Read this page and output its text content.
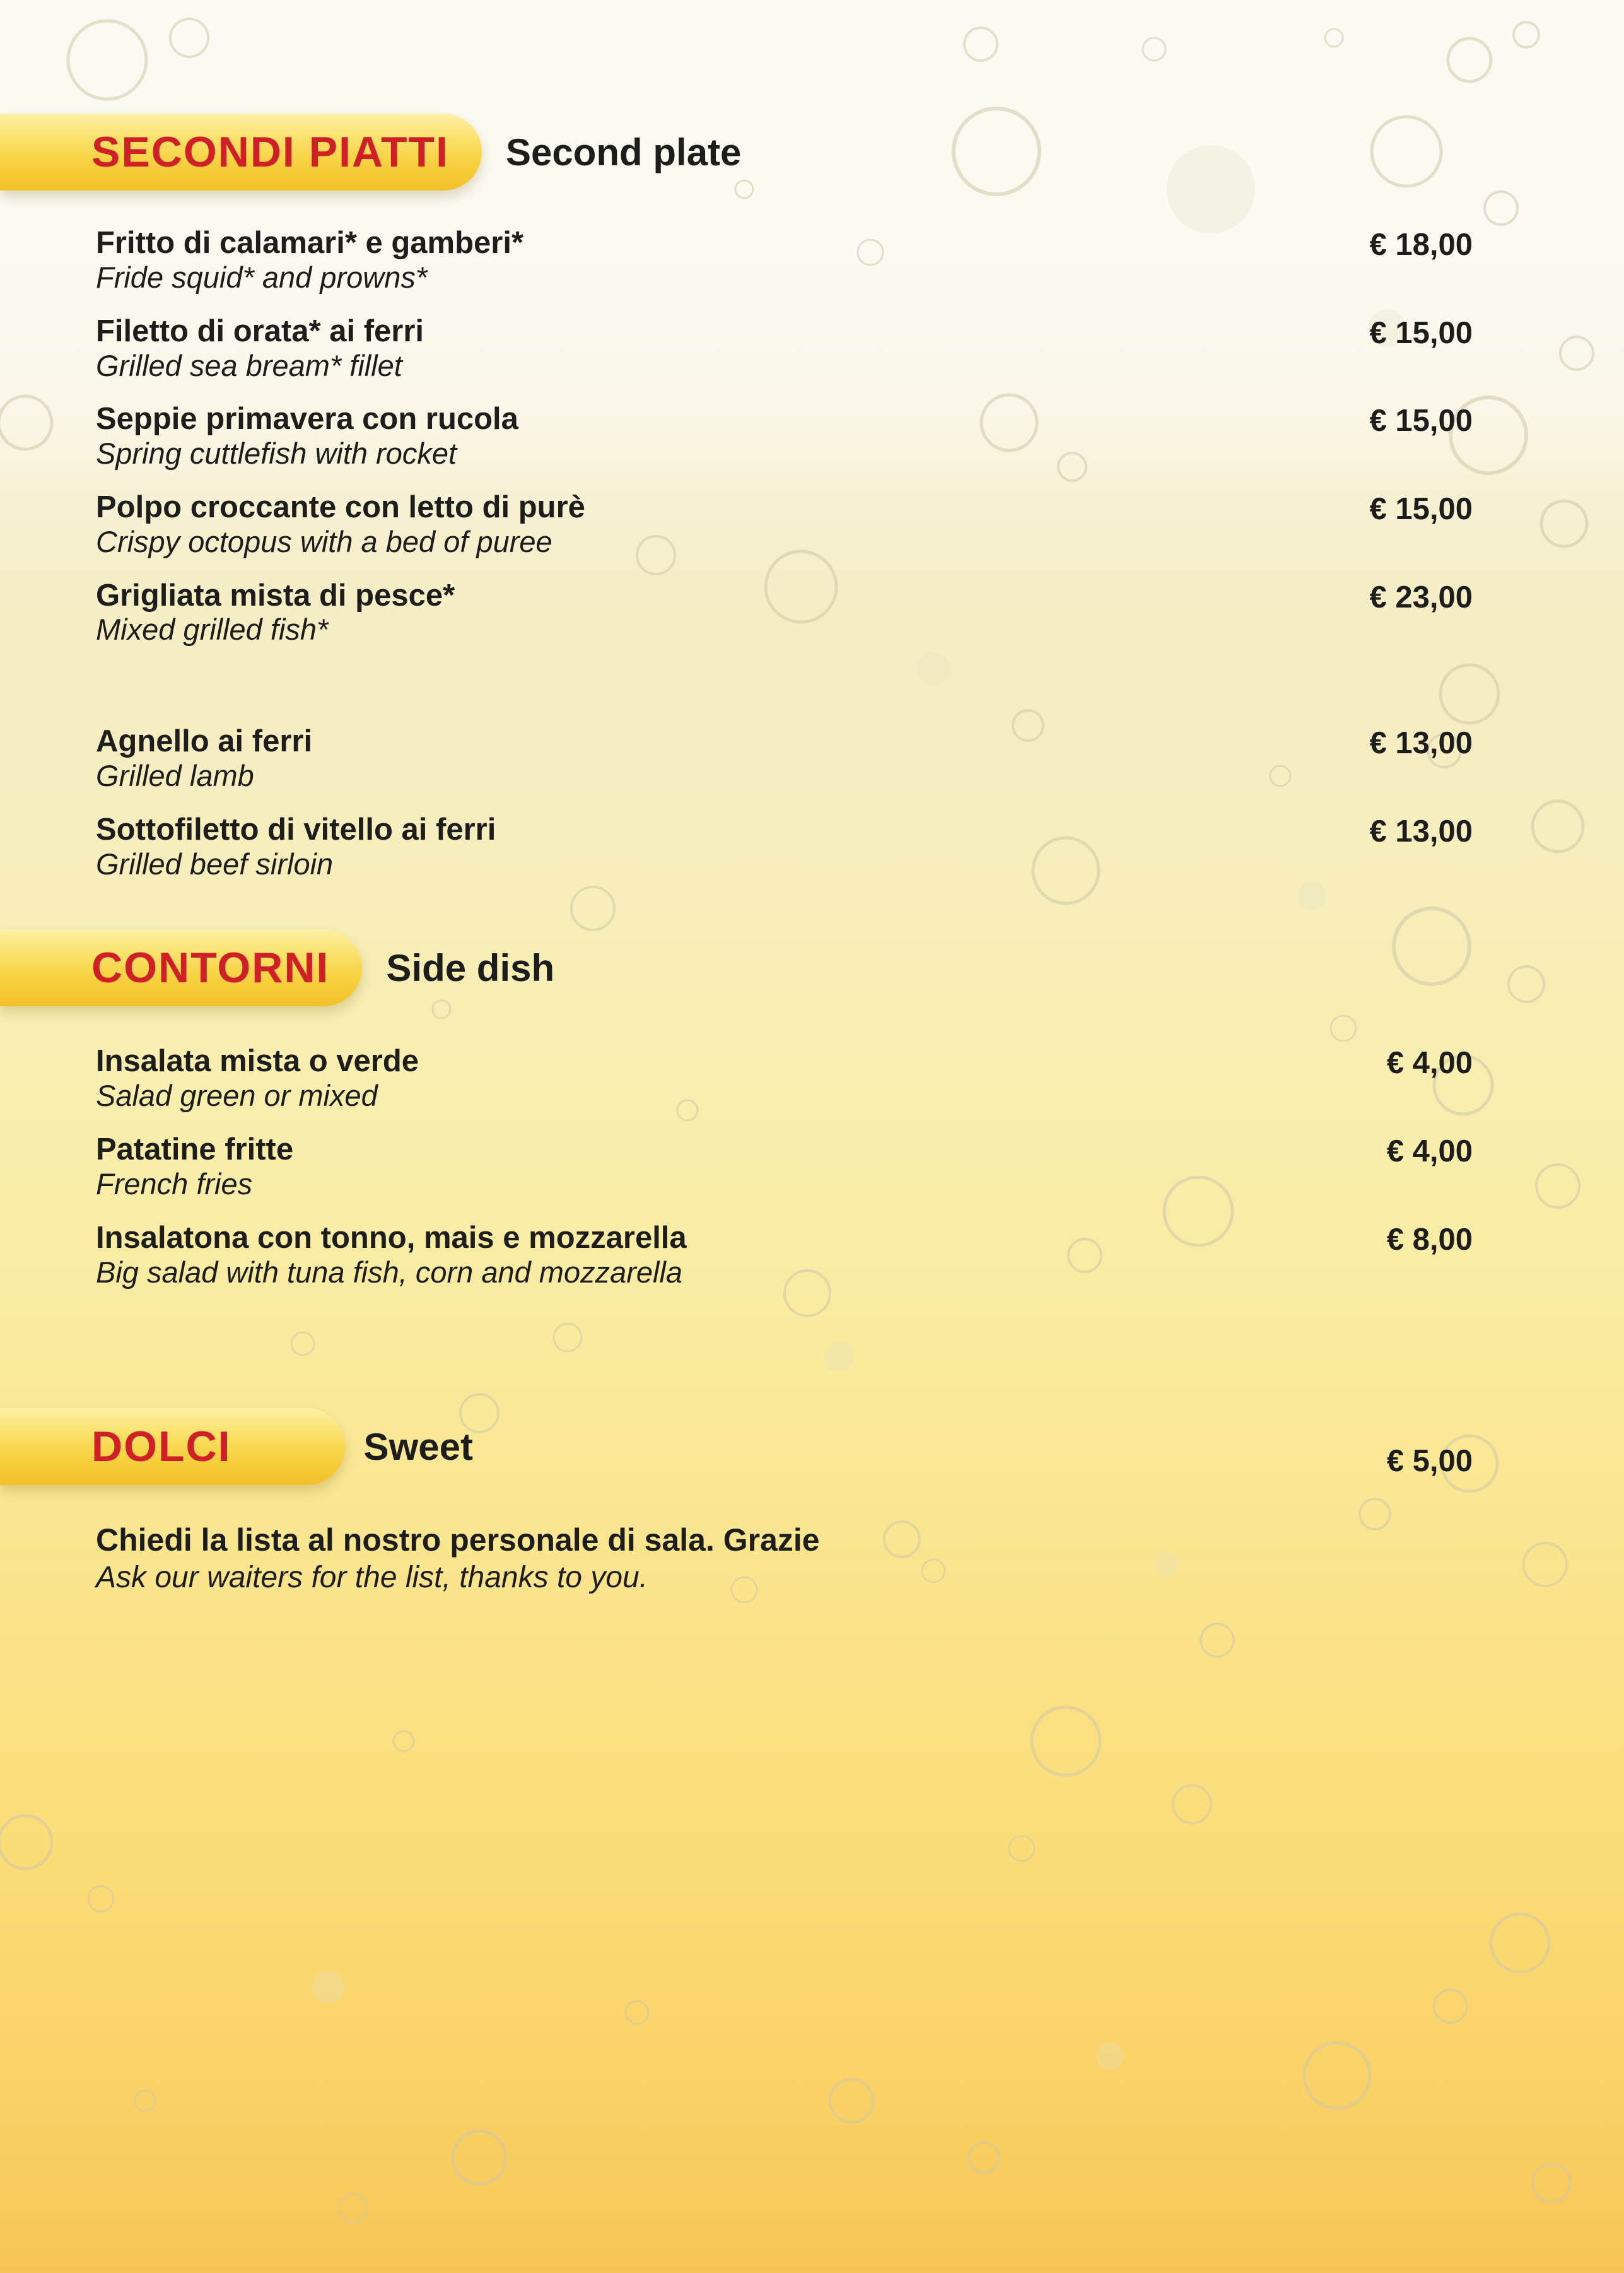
SECONDI PIATTI Second plate
Fritto di calamari* e gamberi*	€ 18,00
Fride squid* and prowns*
Filetto di orata* ai ferri	€ 15,00
Grilled sea bream* fillet
Seppie primavera con rucola	€ 15,00
Spring cuttlefish with rocket
Polpo croccante con letto di purè	€ 15,00
Crispy octopus with a bed of puree
Grigliata mista di pesce*	€ 23,00
Mixed grilled fish*
Agnello ai ferri	€ 13,00
Grilled lamb
Sottofiletto di vitello ai ferri	€ 13,00
Grilled beef sirloin
CONTORNI Side dish
Insalata mista o verde	€ 4,00
Salad green or mixed
Patatine fritte	€ 4,00
French fries
Insalatona con tonno, mais e mozzarella	€ 8,00
Big salad with tuna fish, corn and mozzarella
DOLCI	Sweet	€ 5,00
Chiedi la lista al nostro personale di sala. Grazie
Ask our waiters for the list, thanks to you.
